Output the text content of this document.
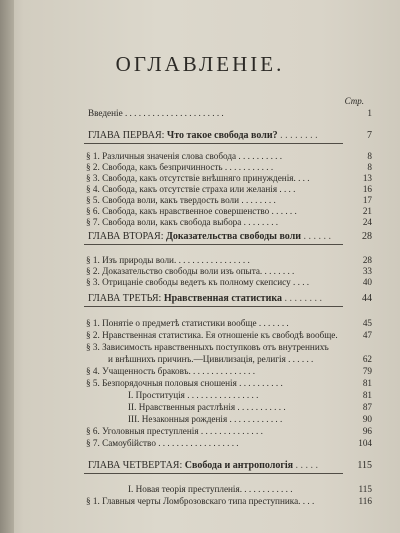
ОГЛАВЛЕНІЕ.
Стр.
Введеніе . . . . . . . . . . . . . . . . . . . . . .	1
ГЛАВА ПЕРВАЯ: Что такое свобода воли? . . . . . . . .	7
§ 1. Различныя значенія слова свобода . . . . . . . . . .	8
§ 2. Свобода, какъ безпричинность . . . . . . . . . . .	8
§ 3. Свобода, какъ отсутствіе внѣшняго принужденія. . . .	13
§ 4. Свобода, какъ отсутствіе страха или желанія . . . .	16
§ 5. Свобода воли, какъ твердость воли . . . . . . . .	17
§ 6. Свобода, какъ нравственное совершенство . . . . . .	21
§ 7. Свобода воли, какъ свобода выбора . . . . . . . .	24
ГЛАВА ВТОРАЯ: Доказательства свободы воли . . . . . .	28
§ 1. Изъ природы воли. . . . . . . . . . . . . . . . .	28
§ 2. Доказательство свободы воли изъ опыта. . . . . . . .	33
§ 3. Отрицаніе свободы ведетъ къ полному скепсису . . . .	40
ГЛАВА ТРЕТЬЯ: Нравственная статистика . . . . . . . .	44
§ 1. Понятіе о предметѣ статистики вообще . . . . . . .	45
§ 2. Нравственная статистика. Ея отношеніе къ свободѣ вообще.	47
§ 3. Зависимость нравственныхъ поступковъ отъ внутреннихъ
и внѣшнихъ причинъ.—Цивилизація, религія . . . . . .	62
§ 4. Учащенность браковъ. . . . . . . . . . . . . . .	79
§ 5. Безпорядочныя половыя сношенія . . . . . . . . . .	81
I. Проституція . . . . . . . . . . . . . . . .	81
II. Нравственныя растлѣнія . . . . . . . . . . .	87
III. Незаконныя рожденія . . . . . . . . . . . .	90
§ 6. Уголовныя преступленія . . . . . . . . . . . . . .	96
§ 7. Самоубійство . . . . . . . . . . . . . . . . . .	104
ГЛАВА ЧЕТВЕРТАЯ: Свобода и антропологія . . . . .	115
I. Новая теорія преступленія. . . . . . . . . . . .	115
§ 1. Главныя черты Ломброзовскаго типа преступника. . . .	116
